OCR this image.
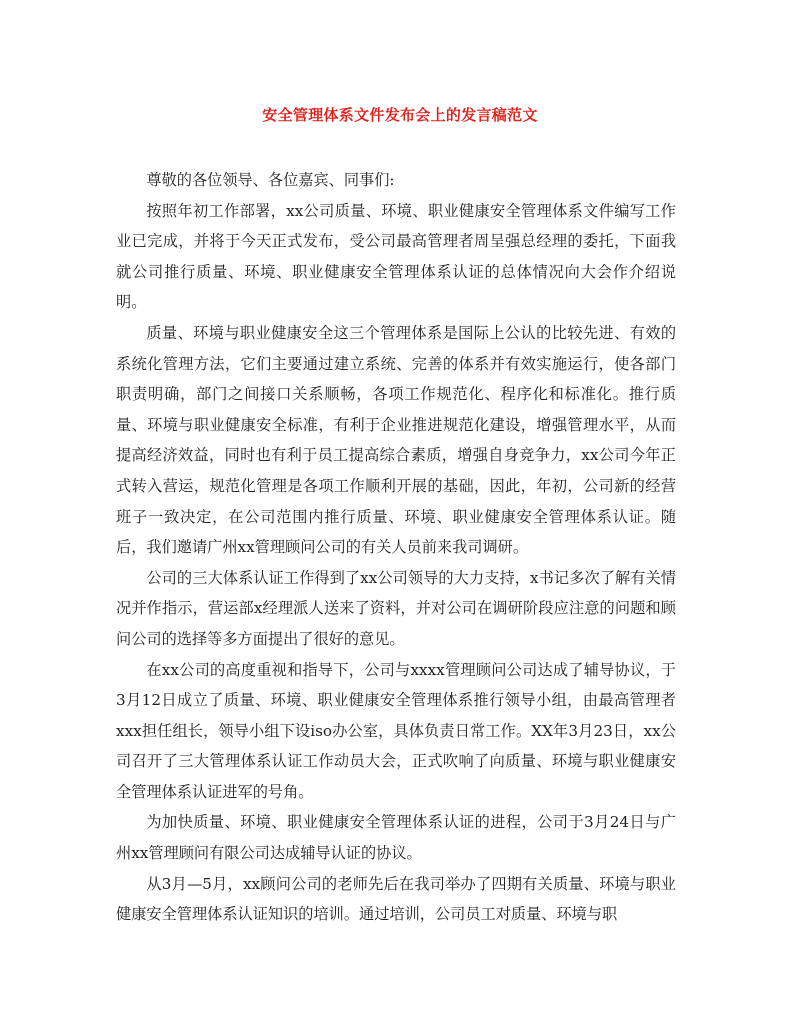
安全管理体系文件发布会上的发言稿范文

尊敬的各位领导、各位嘉宾、同事们:

按照年初工作部署，xx公司质量、环境、职业健康安全管理体系文件编写工作业已完成，并将于今天正式发布，受公司最高管理者周呈强总经理的委托，下面我就公司推行质量、环境、职业健康安全管理体系认证的总体情况向大会作介绍说明。

质量、环境与职业健康安全这三个管理体系是国际上公认的比较先进、有效的系统化管理方法，它们主要通过建立系统、完善的体系并有效实施运行，使各部门职责明确，部门之间接口关系顺畅，各项工作规范化、程序化和标准化。推行质量、环境与职业健康安全标准，有利于企业推进规范化建设，增强管理水平，从而提高经济效益，同时也有利于员工提高综合素质，增强自身竞争力，xx公司今年正式转入营运，规范化管理是各项工作顺利开展的基础，因此，年初，公司新的经营班子一致决定，在公司范围内推行质量、环境、职业健康安全管理体系认证。随后，我们邀请广州xx管理顾问公司的有关人员前来我司调研。

公司的三大体系认证工作得到了xx公司领导的大力支持，x书记多次了解有关情况并作指示，营运部x经理派人送来了资料，并对公司在调研阶段应注意的问题和顾问公司的选择等多方面提出了很好的意见。

在xx公司的高度重视和指导下，公司与xxxx管理顾问公司达成了辅导协议，于3月12日成立了质量、环境、职业健康安全管理体系推行领导小组，由最高管理者xxx担任组长，领导小组下设iso办公室，具体负责日常工作。XX年3月23日，xx公司召开了三大管理体系认证工作动员大会，正式吹响了向质量、环境与职业健康安全管理体系认证进军的号角。

为加快质量、环境、职业健康安全管理体系认证的进程，公司于3月24日与广州xx管理顾问有限公司达成辅导认证的协议。

从3月—5月，xx顾问公司的老师先后在我司举办了四期有关质量、环境与职业健康安全管理体系认证知识的培训。通过培训，公司员工对质量、环境与职
